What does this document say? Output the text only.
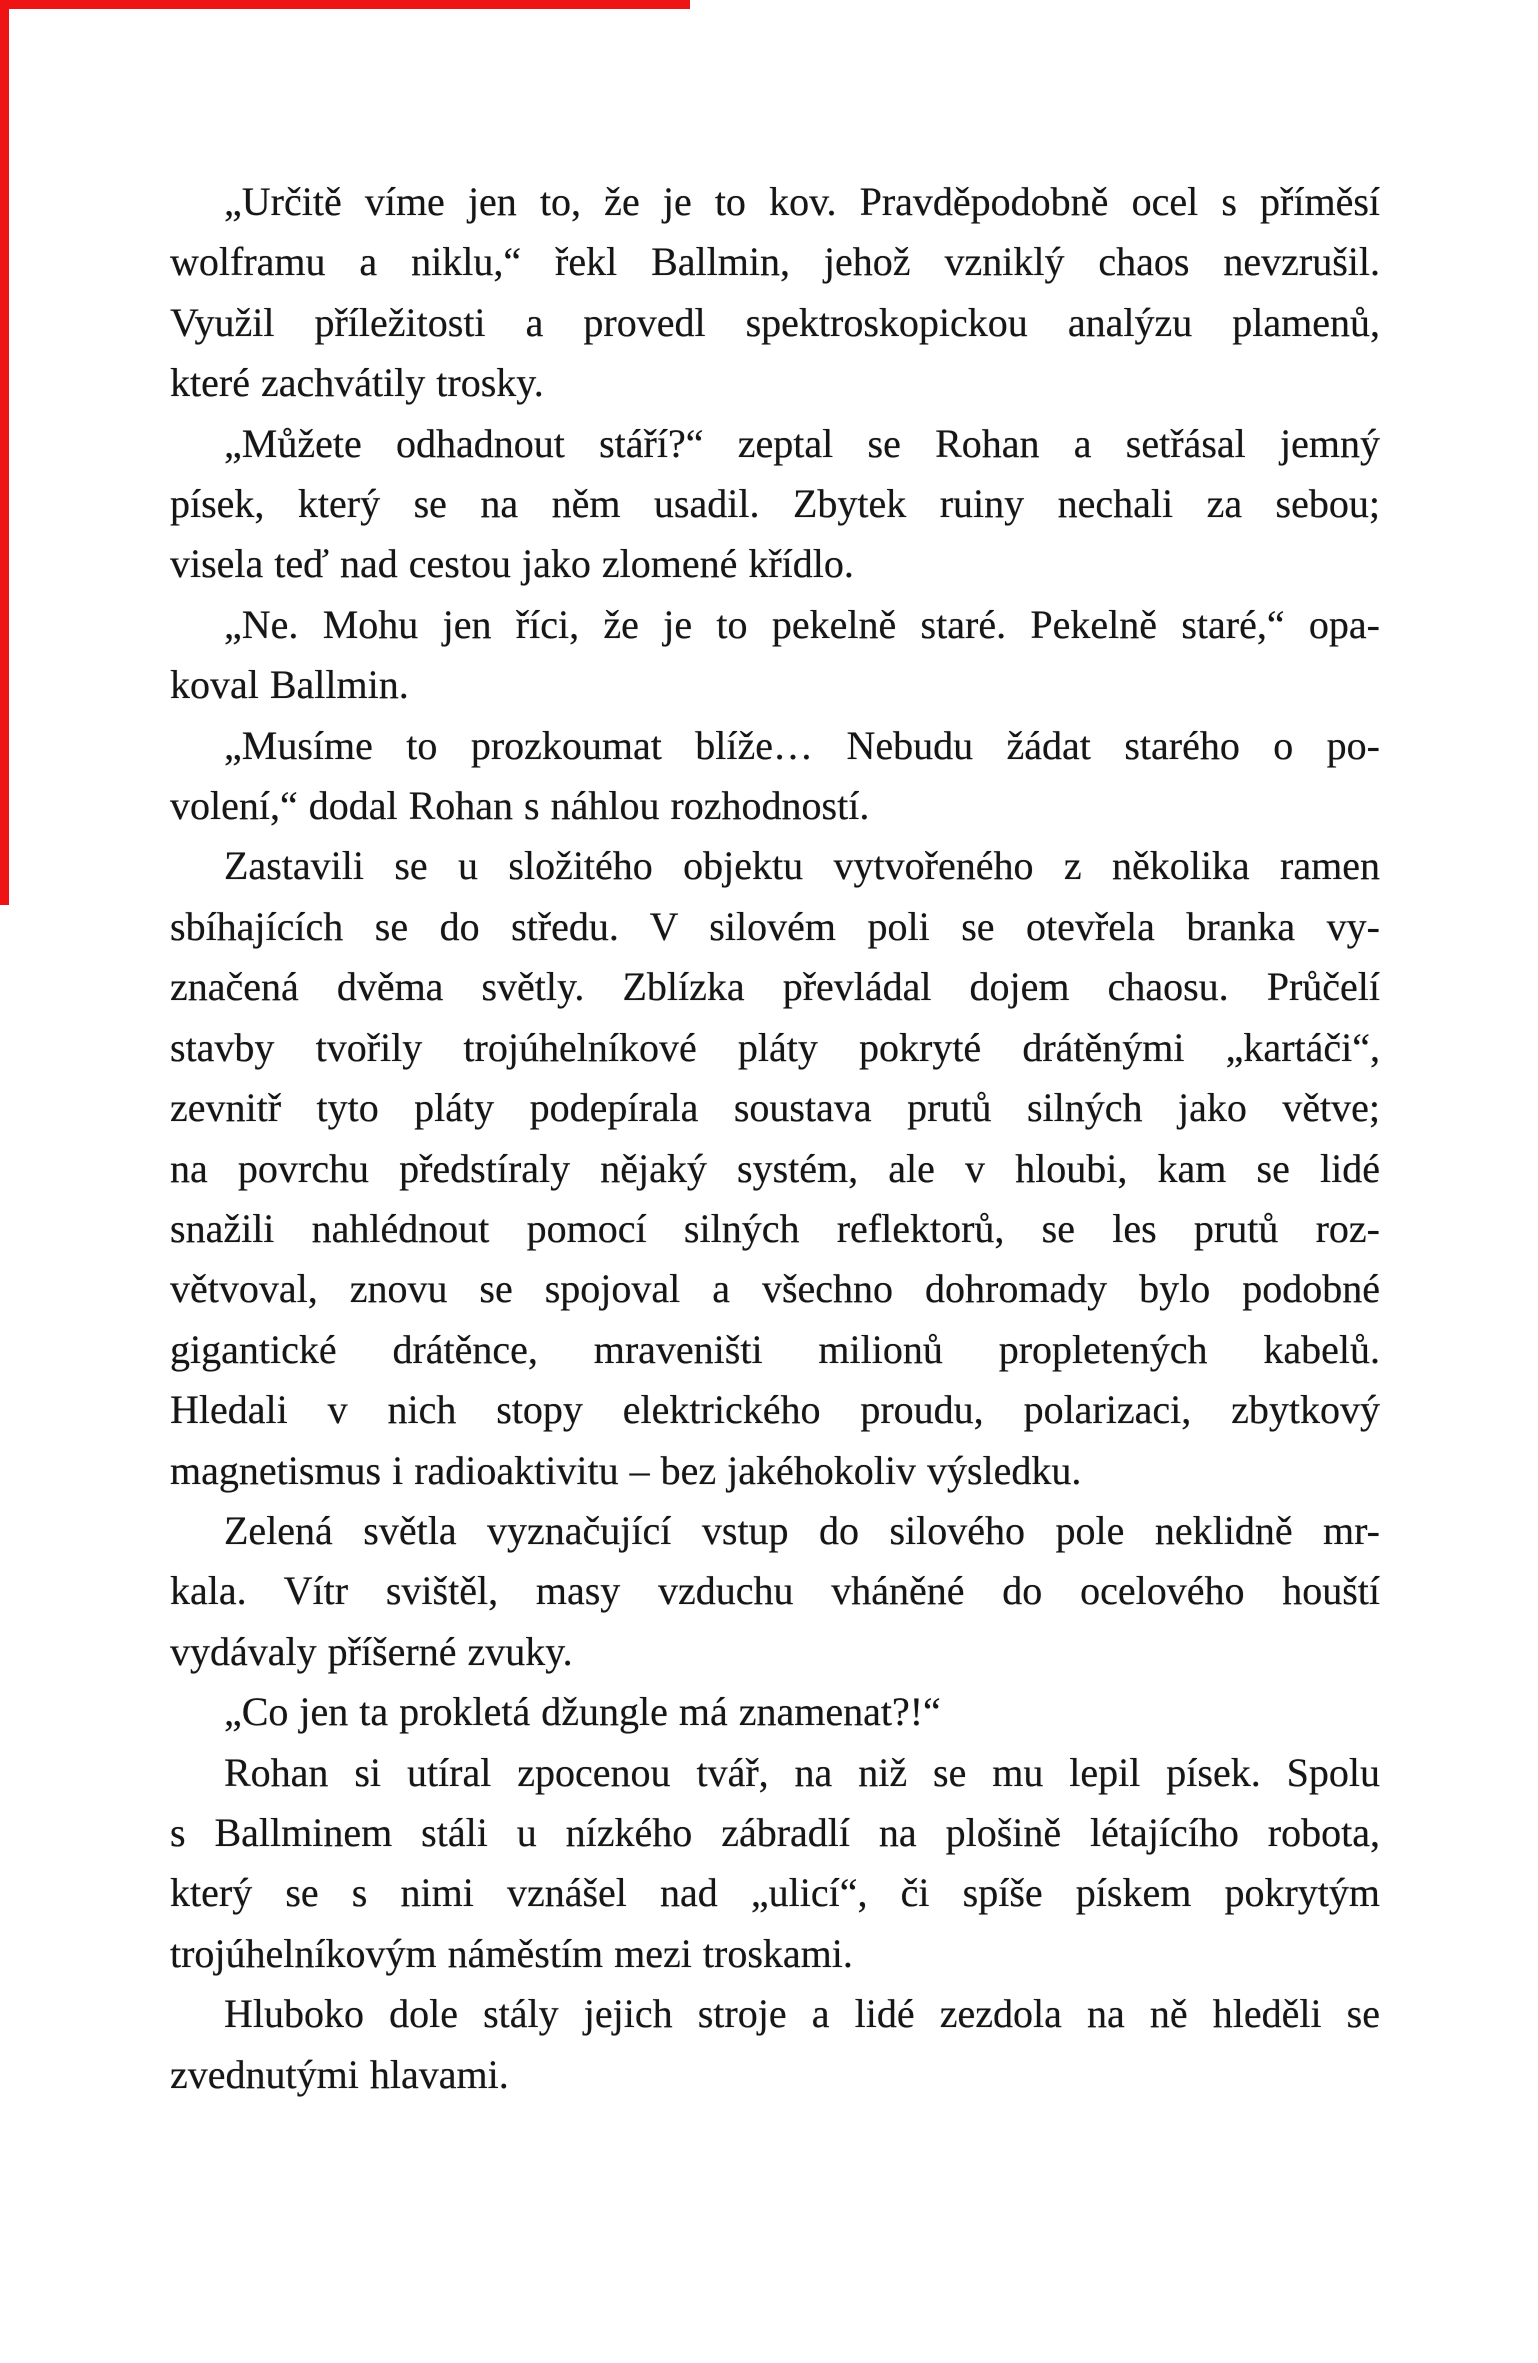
„Určitě víme jen to, že je to kov. Pravděpodobně ocel s příměsí
wolframu a niklu,“ řekl Ballmin, jehož vzniklý chaos nevzrušil.
Využil příležitosti a provedl spektroskopickou analýzu plamenů,
které zachvátily trosky.

„Můžete odhadnout stáří?“ zeptal se Rohan a setřásal jemný
písek, který se na něm usadil. Zbytek ruiny nechali za sebou;
visela teď nad cestou jako zlomené křídlo.

„Ne. Mohu jen říci, že je to pekelně staré. Pekelně staré,“ opa-
koval Ballmin.

„Musíme to prozkoumat blíže… Nebudu žádat starého o po-
volení,“ dodal Rohan s náhlou rozhodností.

Zastavili se u složitého objektu vytvořeného z několika ramen
sbíhajících se do středu. V silovém poli se otevřela branka vy-
značená dvěma světly. Zblízka převládal dojem chaosu. Průčelí
stavby tvořily trojúhelníkové pláty pokryté drátěnými „kartáči“,
zevnitř tyto pláty podepírala soustava prutů silných jako větve;
na povrchu předstíraly nějaký systém, ale v hloubi, kam se lidé
snažili nahlédnout pomocí silných reflektorů, se les prutů roz-
větvoval, znovu se spojoval a všechno dohromady bylo podobné
gigantické drátěnce, mraveništi milionů propletených kabelů.
Hledali v nich stopy elektrického proudu, polarizaci, zbytkový
magnetismus i radioaktivitu – bez jakéhokoliv výsledku.

Zelená světla vyznačující vstup do silového pole neklidně mr-
kala. Vítr svištěl, masy vzduchu vháněné do ocelového houští
vydávaly příšerné zvuky.

„Co jen ta prokletá džungle má znamenat?!“

Rohan si utíral zpocenou tvář, na niž se mu lepil písek. Spolu
s Ballminem stáli u nízkého zábradlí na plošině létajícího robota,
který se s nimi vznášel nad „ulicí“, či spíše pískem pokrytým
trojúhelníkovým náměstím mezi troskami.

Hluboko dole stály jejich stroje a lidé zezdola na ně hleděli se
zvednutými hlavami.
